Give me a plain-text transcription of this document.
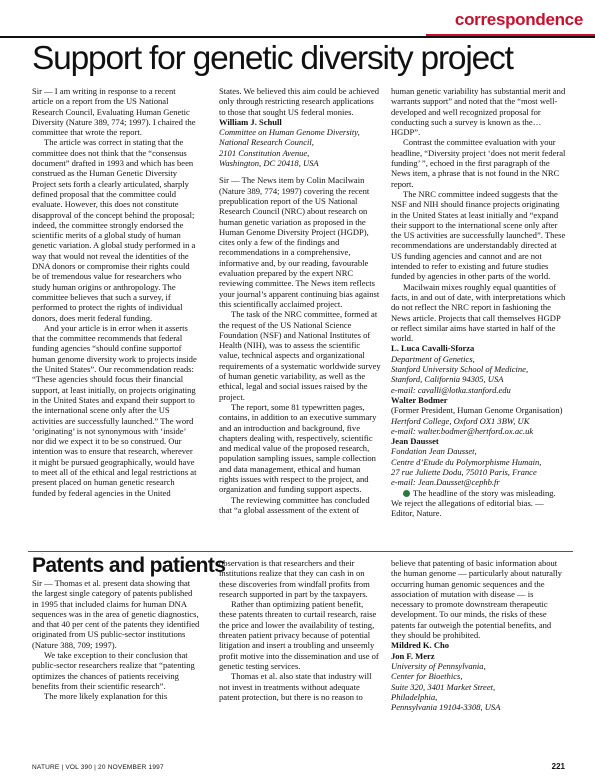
correspondence
Support for genetic diversity project

Sir — I am writing in response to a recent article on a report from the US National Research Council, Evaluating Human Genetic Diversity (Nature 389, 774; 1997). I chaired the committee that wrote the report.

The article was correct in stating that the committee does not think that the “consensus document” drafted in 1993 and which has been construed as the Human Genetic Diversity Project sets forth a clearly articulated, sharply defined proposal that the committee could evaluate. However, this does not constitute disapproval of the concept behind the proposal; indeed, the committee strongly endorsed the scientific merits of a global study of human genetic variation. A global study performed in a way that would not reveal the identities of the DNA donors or compromise their rights could be of tremendous value for researchers who study human origins or anthropology. The committee believes that such a survey, if performed to protect the rights of individual donors, does merit federal funding.

And your article is in error when it asserts that the committee recommends that federal funding agencies “should confine supportof human genome diversity work to projects inside the United States”. Our recommendation reads: “These agencies should focus their financial support, at least initially, on projects originating in the United States and expand their support to the international scene only after the US activities are successfully launched.” The word ‘originating’ is not synonymous with ‘inside’ nor did we expect it to be so construed. Our intention was to ensure that research, wherever it might be pursued geographically, would have to meet all of the ethical and legal restrictions at present placed on human genetic research funded by federal agencies in the United

States. We believed this aim could be achieved only through restricting research applications to those that sought US federal monies.

William J. Schull

Committee on Human Genome Diversity,

National Research Council,

2101 Constitution Avenue,

Washington, DC 20418, USA

Sir — The News item by Colin Macilwain (Nature 389, 774; 1997) covering the recent prepublication report of the US National Research Council (NRC) about research on human genetic variation as proposed in the Human Genome Diversity Project (HGDP), cites only a few of the findings and recommendations in a comprehensive, informative and, by our reading, favourable evaluation prepared by the expert NRC reviewing committee. The News item reflects your journal’s apparent continuing bias against this scientifically acclaimed project.

The task of the NRC committee, formed at the request of the US National Science Foundation (NSF) and National Institutes of Health (NIH), was to assess the scientific value, technical aspects and organizational requirements of a systematic worldwide survey of human genetic variability, as well as the ethical, legal and social issues raised by the project.

The report, some 81 typewritten pages, contains, in addition to an executive summary and an introduction and background, five chapters dealing with, respectively, scientific and medical value of the proposed research, population sampling issues, sample collection and data management, ethical and human rights issues with respect to the project, and organization and funding support aspects.

The reviewing committee has concluded that “a global assessment of the extent of

human genetic variability has substantial merit and warrants support” and noted that the “most well-developed and well recognized proposal for conducting such a survey is known as the… HGDP”.

Contrast the committee evaluation with your headline, “Diversity project ‘does not merit federal funding’ ”, echoed in the first paragraph of the News item, a phrase that is not found in the NRC report.

The NRC committee indeed suggests that the NSF and NIH should finance projects originating in the United States at least initially and “expand their support to the international scene only after the US activities are successfully launched”. These recommendations are understandably directed at US funding agencies and cannot and are not intended to refer to existing and future studies funded by agencies in other parts of the world.

Macilwain mixes roughly equal quantities of facts, in and out of date, with interpretations which do not reflect the NRC report in fashioning the News article. Projects that call themselves HGDP or reflect similar aims have started in half of the world.

L. Luca Cavalli-Sforza

Department of Genetics,

Stanford University School of Medicine,

Stanford, California 94305, USA

e-mail: cavalli@lotka.stanford.edu

Walter Bodmer

(Former President, Human Genome Organisation)

Hertford College, Oxford OX1 3BW, UK

e-mail: walter.bodmer@hertford.ox.ac.uk

Jean Dausset

Fondation Jean Dausset,

Centre d’Etude du Polymorphisme Humain,

27 rue Juliette Dodu, 75010 Paris, France

e-mail: Jean.Dausset@cephb.fr

The headline of the story was misleading. We reject the allegations of editorial bias. — Editor, Nature.

Patents and patients

Sir — Thomas et al. present data showing that the largest single category of patents published in 1995 that included claims for human DNA sequences was in the area of genetic diagnostics, and that 40 per cent of the patents they identified originated from US public-sector institutions (Nature 388, 709; 1997).

We take exception to their conclusion that public-sector researchers realize that “patenting optimizes the chances of patients receiving benefits from their scientific research”.

The more likely explanation for this

observation is that researchers and their institutions realize that they can cash in on these discoveries from windfall profits from research supported in part by the taxpayers.

Rather than optimizing patient benefit, these patents threaten to curtail research, raise the price and lower the availability of testing, threaten patient privacy because of potential litigation and insert a troubling and unseemly profit motive into the dissemination and use of genetic testing services.

Thomas et al. also state that industry will not invest in treatments without adequate patent protection, but there is no reason to

believe that patenting of basic information about the human genome — particularly about naturally occurring human genomic sequences and the association of mutation with disease — is necessary to promote downstream therapeutic development. To our minds, the risks of these patents far outweigh the potential benefits, and they should be prohibited.

Mildred K. Cho

Jon F. Merz

University of Pennsylvania,

Center for Bioethics,

Suite 320, 3401 Market Street,

Philadelphia,

Pennsylvania 19104-3308, USA

NATURE | VOL 390 | 20 NOVEMBER 1997	221
